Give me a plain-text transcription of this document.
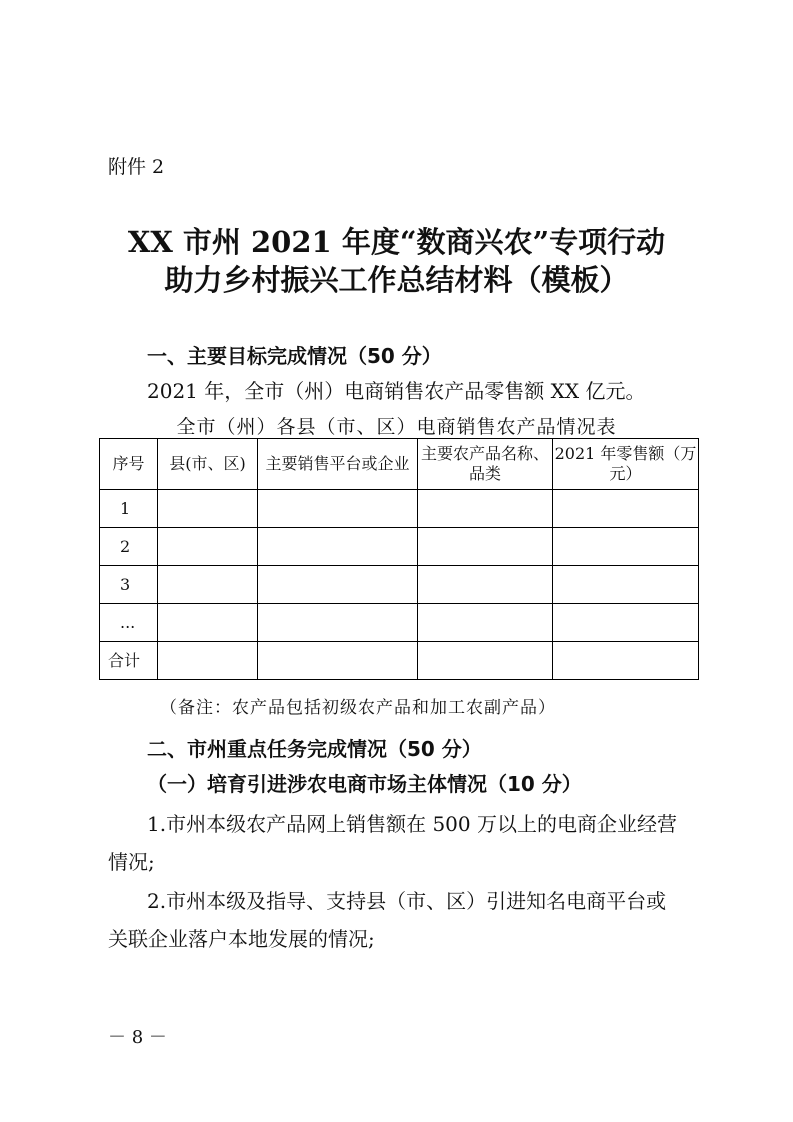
附件 2
XX 市州 2021 年度“数商兴农”专项行动
助力乡村振兴工作总结材料（模板）
一、主要目标完成情况（50 分）
2021 年，全市（州）电商销售农产品零售额 XX 亿元。
全市（州）各县（市、区）电商销售农产品情况表
序号	县(市、区)	主要销售平台或企业	主要农产品名称、品类	2021 年零售额（万元）
1				
2				
3				
...				
合计				
（备注：农产品包括初级农产品和加工农副产品）
二、市州重点任务完成情况（50 分）
（一）培育引进涉农电商市场主体情况（10 分）
1.市州本级农产品网上销售额在 500 万以上的电商企业经营
情况;
2.市州本级及指导、支持县（市、区）引进知名电商平台或
关联企业落户本地发展的情况;
－ 8 －
